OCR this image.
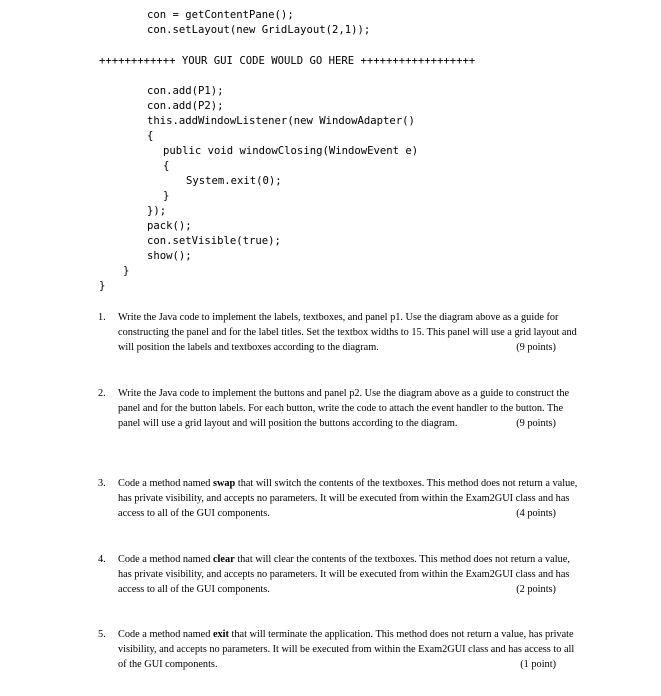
con = getContentPane();
con.setLayout(new GridLayout(2,1));
++++++++++++ YOUR GUI CODE WOULD GO HERE ++++++++++++++++++
con.add(P1);
con.add(P2);
this.addWindowListener(new WindowAdapter()
{
public void windowClosing(WindowEvent e)
{
System.exit(0);
}
});
pack();
con.setVisible(true);
show();
}
}
1. Write the Java code to implement the labels, textboxes, and panel p1. Use the diagram above as a guide for constructing the panel and for the label titles. Set the textbox widths to 15. This panel will use a grid layout and will position the labels and textboxes according to the diagram.	(9 points)
2. Write the Java code to implement the buttons and panel p2. Use the diagram above as a guide to construct the panel and for the button labels. For each button, write the code to attach the event handler to the button. The panel will use a grid layout and will position the buttons according to the diagram.	(9 points)
3. Code a method named swap that will switch the contents of the textboxes. This method does not return a value, has private visibility, and accepts no parameters. It will be executed from within the Exam2GUI class and has access to all of the GUI components.	(4 points)
4. Code a method named clear that will clear the contents of the textboxes. This method does not return a value, has private visibility, and accepts no parameters. It will be executed from within the Exam2GUI class and has access to all of the GUI components.	(2 points)
5. Code a method named exit that will terminate the application. This method does not return a value, has private visibility, and accepts no parameters. It will be executed from within the Exam2GUI class and has access to all of the GUI components.	(1 point)
